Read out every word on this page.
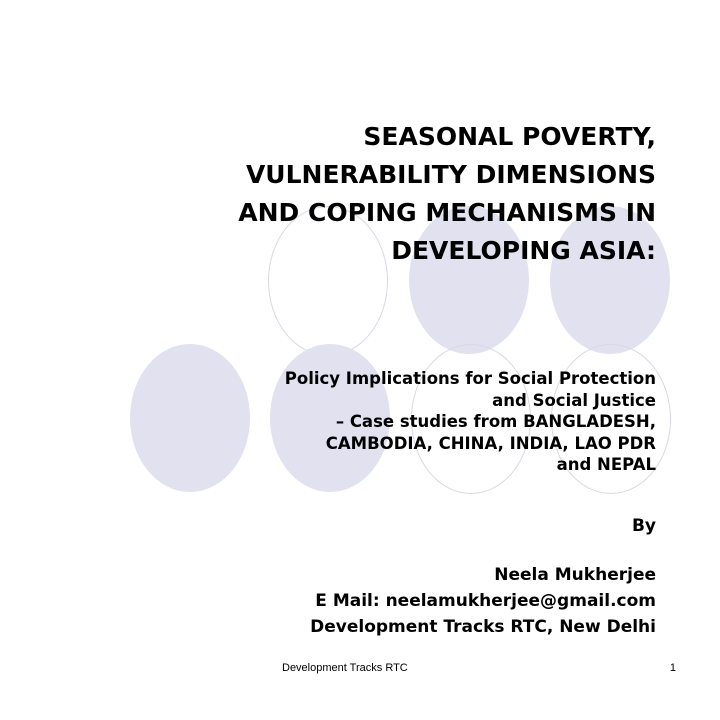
SEASONAL POVERTY,
VULNERABILITY DIMENSIONS
AND COPING MECHANISMS IN
DEVELOPING ASIA:
Policy Implications for Social Protection
and Social Justice
– Case studies from BANGLADESH,
CAMBODIA, CHINA, INDIA, LAO PDR
and NEPAL
By
Neela Mukherjee
E Mail: neelamukherjee@gmail.com
Development Tracks RTC, New Delhi
Development Tracks RTC	1
